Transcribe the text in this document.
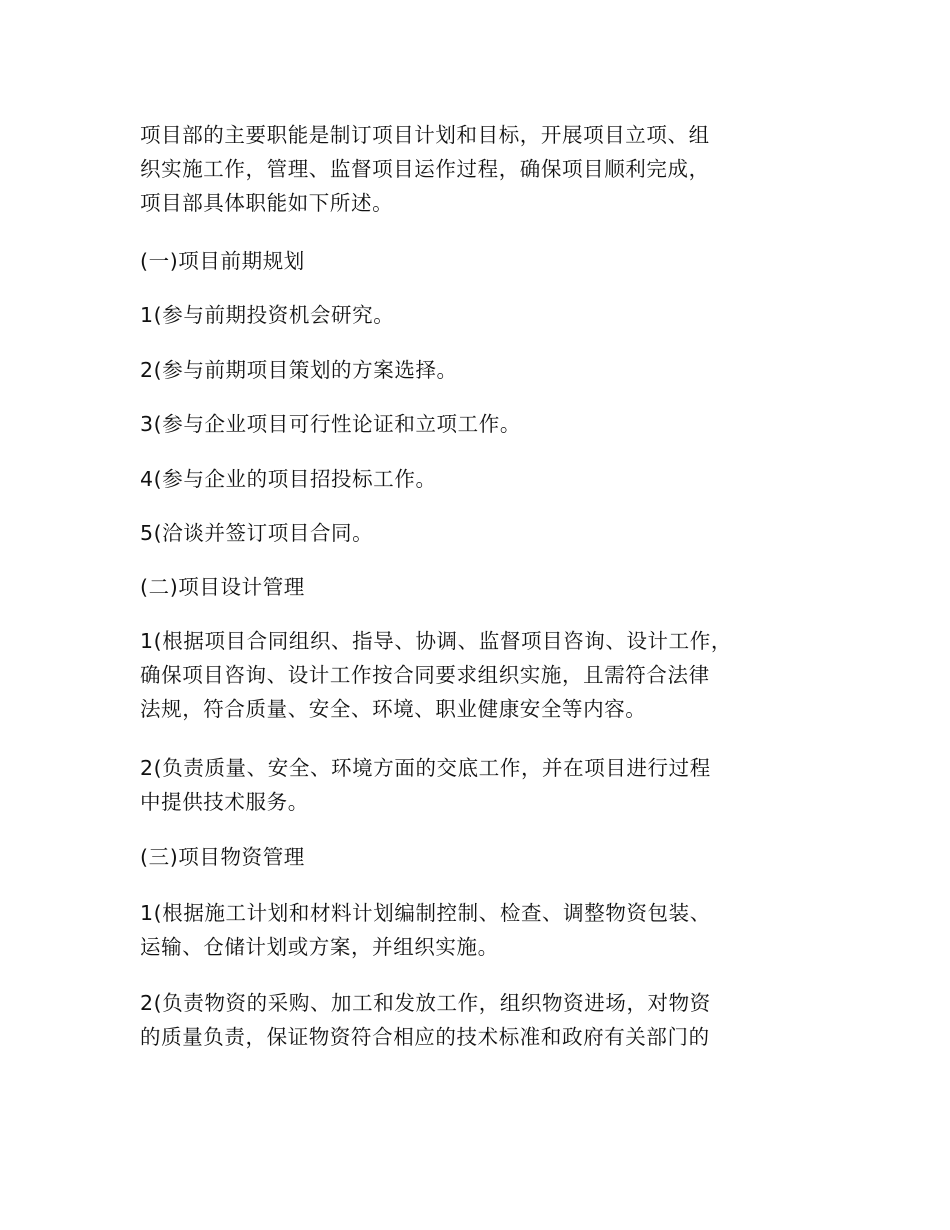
项目部的主要职能是制订项目计划和目标，开展项目立项、组
织实施工作，管理、监督项目运作过程，确保项目顺利完成，
项目部具体职能如下所述。

(一)项目前期规划

1(参与前期投资机会研究。

2(参与前期项目策划的方案选择。

3(参与企业项目可行性论证和立项工作。

4(参与企业的项目招投标工作。

5(洽谈并签订项目合同。

(二)项目设计管理

1(根据项目合同组织、指导、协调、监督项目咨询、设计工作，
确保项目咨询、设计工作按合同要求组织实施，且需符合法律
法规，符合质量、安全、环境、职业健康安全等内容。

2(负责质量、安全、环境方面的交底工作，并在项目进行过程
中提供技术服务。

(三)项目物资管理

1(根据施工计划和材料计划编制控制、检查、调整物资包装、
运输、仓储计划或方案，并组织实施。

2(负责物资的采购、加工和发放工作，组织物资进场，对物资
的质量负责，保证物资符合相应的技术标准和政府有关部门的
